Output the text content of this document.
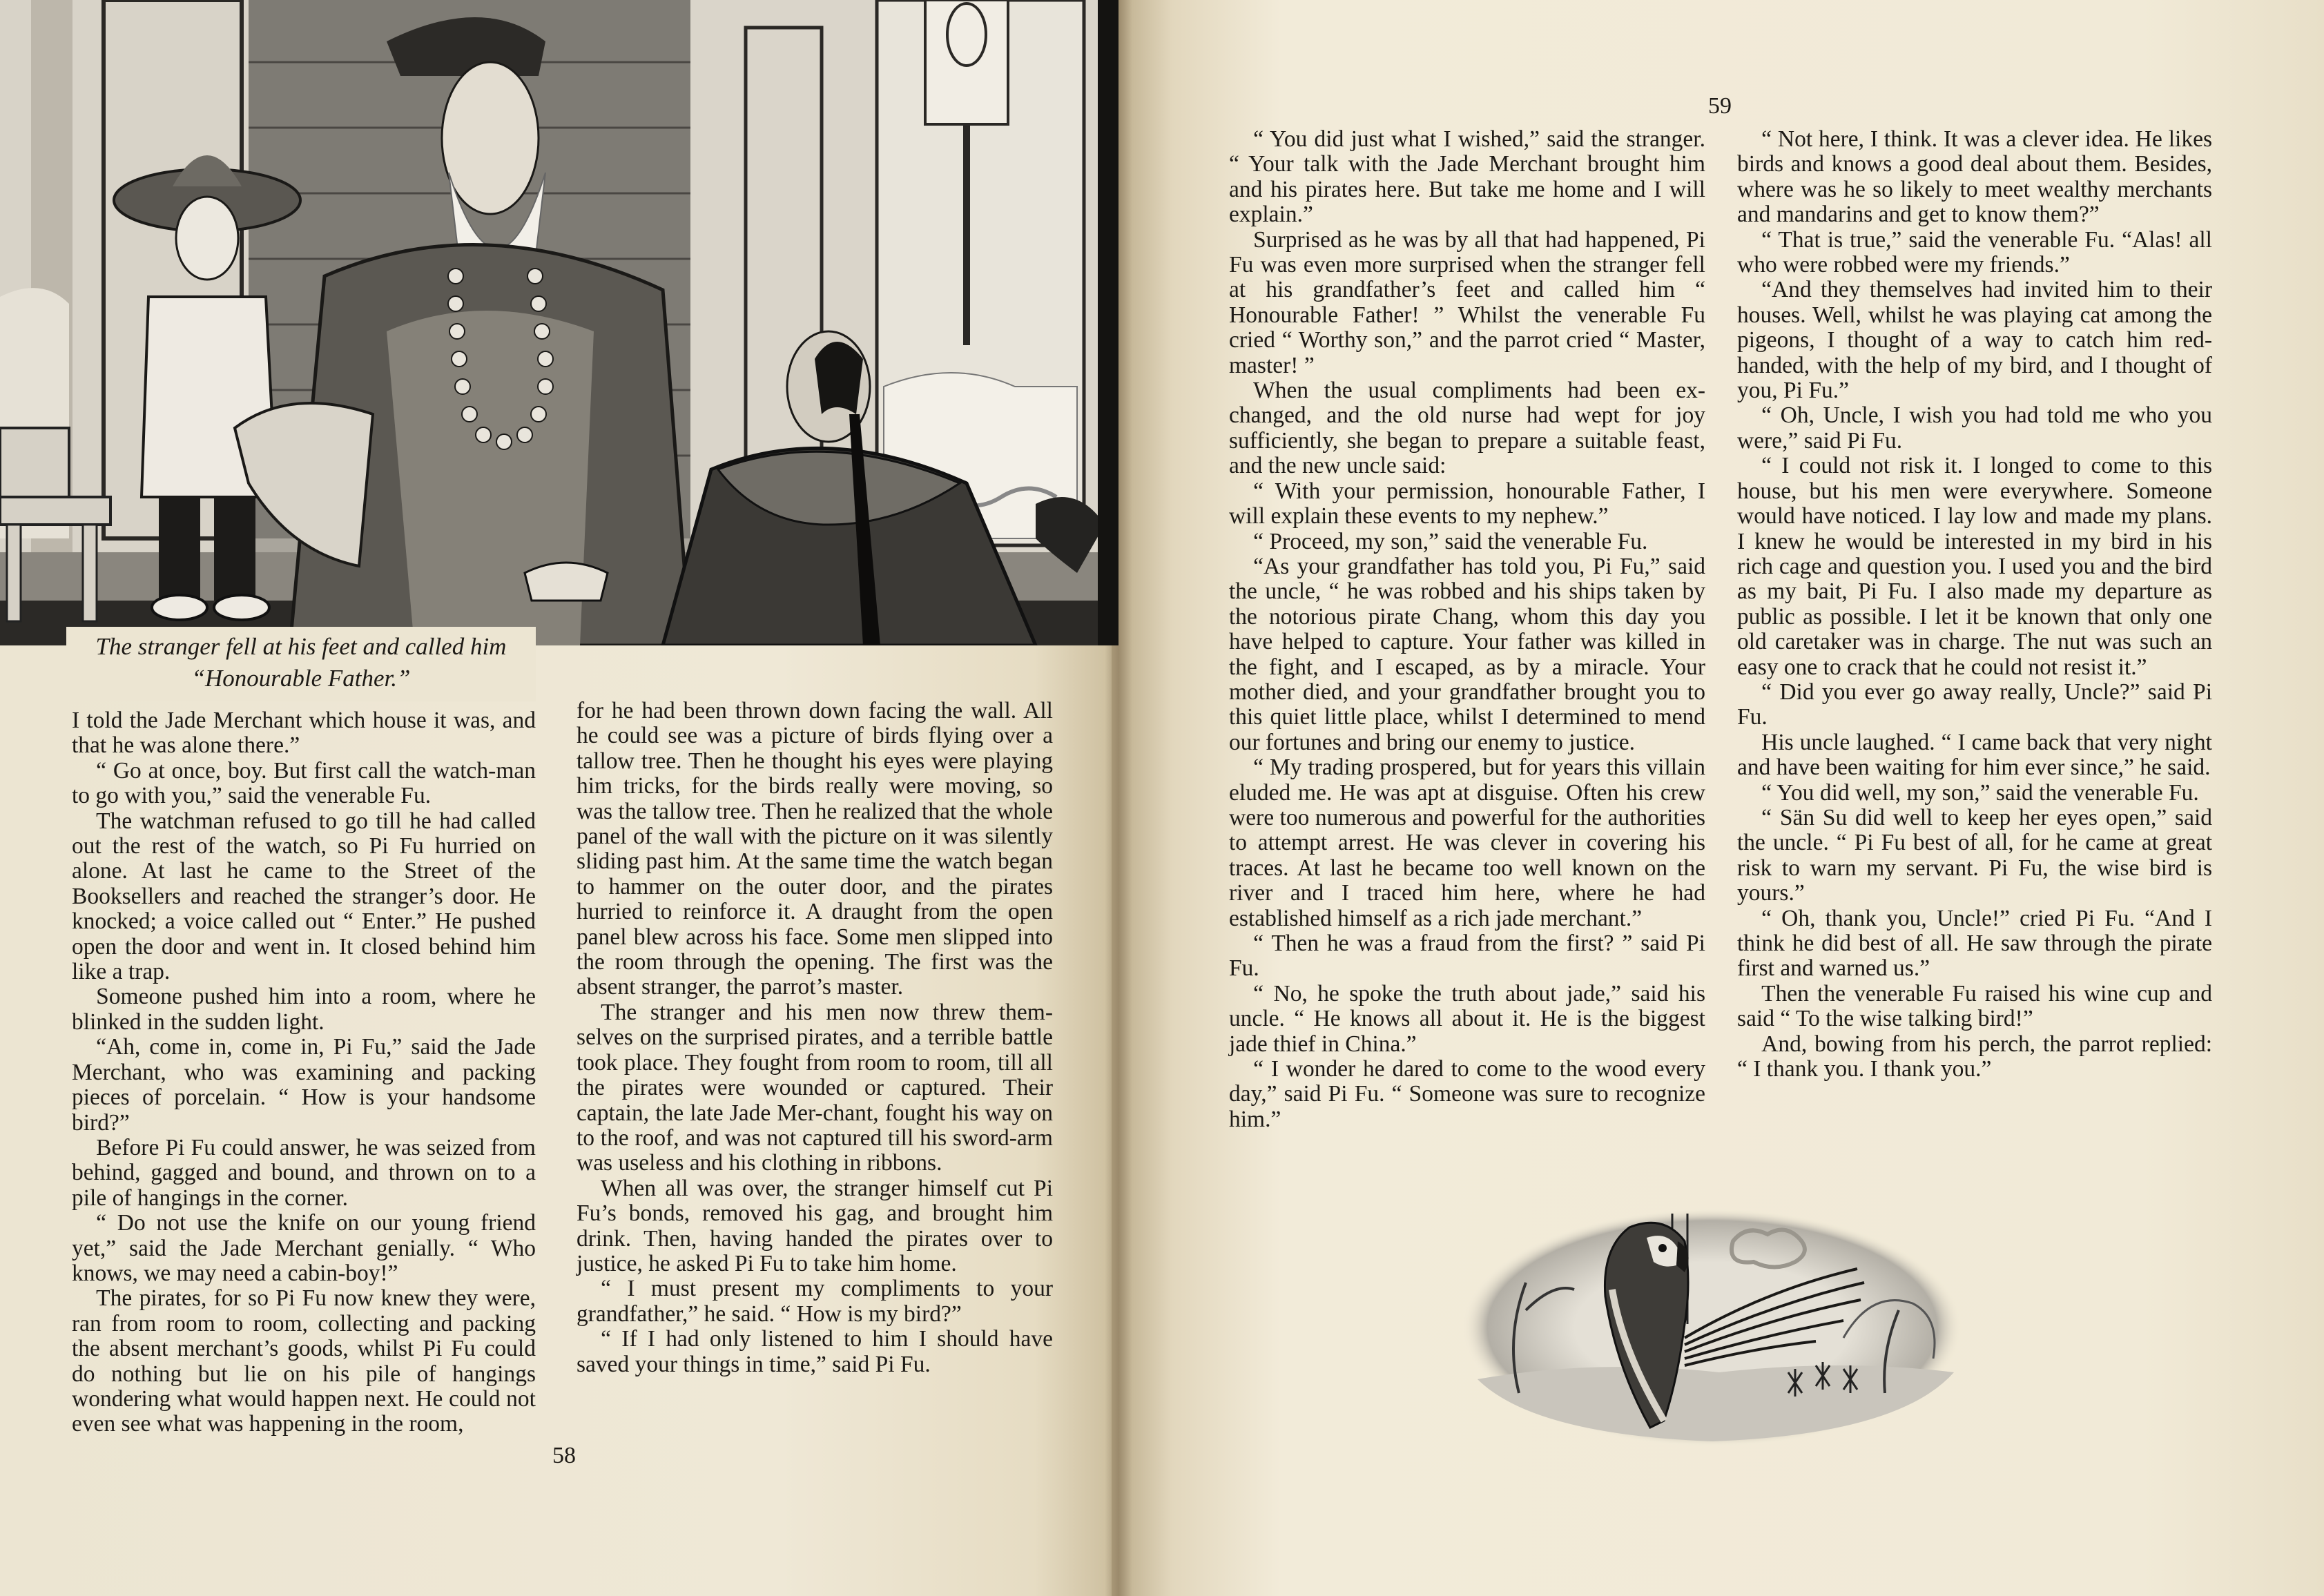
The stranger fell at his feet and called him
“Honourable Father.”

I told the Jade Merchant which house it was, and that he was alone there.”

“ Go at once, boy. But first call the watch-man to go with you,” said the venerable Fu.

The watchman refused to go till he had called out the rest of the watch, so Pi Fu hurried on alone. At last he came to the Street of the Booksellers and reached the stranger’s door. He knocked; a voice called out “ Enter.” He pushed open the door and went in. It closed behind him like a trap.

Someone pushed him into a room, where he blinked in the sudden light.

“Ah, come in, come in, Pi Fu,” said the Jade Merchant, who was examining and packing pieces of porcelain. “ How is your handsome bird?”

Before Pi Fu could answer, he was seized from behind, gagged and bound, and thrown on to a pile of hangings in the corner.

“ Do not use the knife on our young friend yet,” said the Jade Merchant genially. “ Who knows, we may need a cabin-boy!”

The pirates, for so Pi Fu now knew they were, ran from room to room, collecting and packing the absent merchant’s goods, whilst Pi Fu could do nothing but lie on his pile of hangings wondering what would happen next. He could not even see what was happening in the room,

for he had been thrown down facing the wall. All he could see was a picture of birds flying over a tallow tree. Then he thought his eyes were playing him tricks, for the birds really were moving, so was the tallow tree. Then he realized that the whole panel of the wall with the picture on it was silently sliding past him. At the same time the watch began to hammer on the outer door, and the pirates hurried to reinforce it. A draught from the open panel blew across his face. Some men slipped into the room through the opening. The first was the absent stranger, the parrot’s master.

The stranger and his men now threw them-selves on the surprised pirates, and a terrible battle took place. They fought from room to room, till all the pirates were wounded or captured. Their captain, the late Jade Mer-chant, fought his way on to the roof, and was not captured till his sword-arm was useless and his clothing in ribbons.

When all was over, the stranger himself cut Pi Fu’s bonds, removed his gag, and brought him drink. Then, having handed the pirates over to justice, he asked Pi Fu to take him home.

“ I must present my compliments to your grandfather,” he said. “ How is my bird?”

“ If I had only listened to him I should have saved your things in time,” said Pi Fu.

58
59

“ You did just what I wished,” said the stranger. “ Your talk with the Jade Merchant brought him and his pirates here. But take me home and I will explain.”

Surprised as he was by all that had happened, Pi Fu was even more surprised when the stranger fell at his grandfather’s feet and called him “ Honourable Father! ” Whilst the venerable Fu cried “ Worthy son,” and the parrot cried “ Master, master! ”

When the usual compliments had been ex-changed, and the old nurse had wept for joy sufficiently, she began to prepare a suitable feast, and the new uncle said:

“ With your permission, honourable Father, I will explain these events to my nephew.”

“ Proceed, my son,” said the venerable Fu.

“As your grandfather has told you, Pi Fu,” said the uncle, “ he was robbed and his ships taken by the notorious pirate Chang, whom this day you have helped to capture. Your father was killed in the fight, and I escaped, as by a miracle. Your mother died, and your grandfather brought you to this quiet little place, whilst I determined to mend our fortunes and bring our enemy to justice.

“ My trading prospered, but for years this villain eluded me. He was apt at disguise. Often his crew were too numerous and powerful for the authorities to attempt arrest. He was clever in covering his traces. At last he became too well known on the river and I traced him here, where he had established himself as a rich jade merchant.”

“ Then he was a fraud from the first? ” said Pi Fu.

“ No, he spoke the truth about jade,” said his uncle. “ He knows all about it. He is the biggest jade thief in China.”

“ I wonder he dared to come to the wood every day,” said Pi Fu. “ Someone was sure to recognize him.”

“ Not here, I think. It was a clever idea. He likes birds and knows a good deal about them. Besides, where was he so likely to meet wealthy merchants and mandarins and get to know them?”

“ That is true,” said the venerable Fu. “Alas! all who were robbed were my friends.”

“And they themselves had invited him to their houses. Well, whilst he was playing cat among the pigeons, I thought of a way to catch him red-handed, with the help of my bird, and I thought of you, Pi Fu.”

“ Oh, Uncle, I wish you had told me who you were,” said Pi Fu.

“ I could not risk it. I longed to come to this house, but his men were everywhere. Someone would have noticed. I lay low and made my plans. I knew he would be interested in my bird in his rich cage and question you. I used you and the bird as my bait, Pi Fu. I also made my departure as public as possible. I let it be known that only one old caretaker was in charge. The nut was such an easy one to crack that he could not resist it.”

“ Did you ever go away really, Uncle?” said Pi Fu.

His uncle laughed. “ I came back that very night and have been waiting for him ever since,” he said.

“ You did well, my son,” said the venerable Fu.

“ Sän Su did well to keep her eyes open,” said the uncle. “ Pi Fu best of all, for he came at great risk to warn my servant. Pi Fu, the wise bird is yours.”

“ Oh, thank you, Uncle!” cried Pi Fu. “And I think he did best of all. He saw through the pirate first and warned us.”

Then the venerable Fu raised his wine cup and said “ To the wise talking bird!”

And, bowing from his perch, the parrot replied: “ I thank you. I thank you.”
